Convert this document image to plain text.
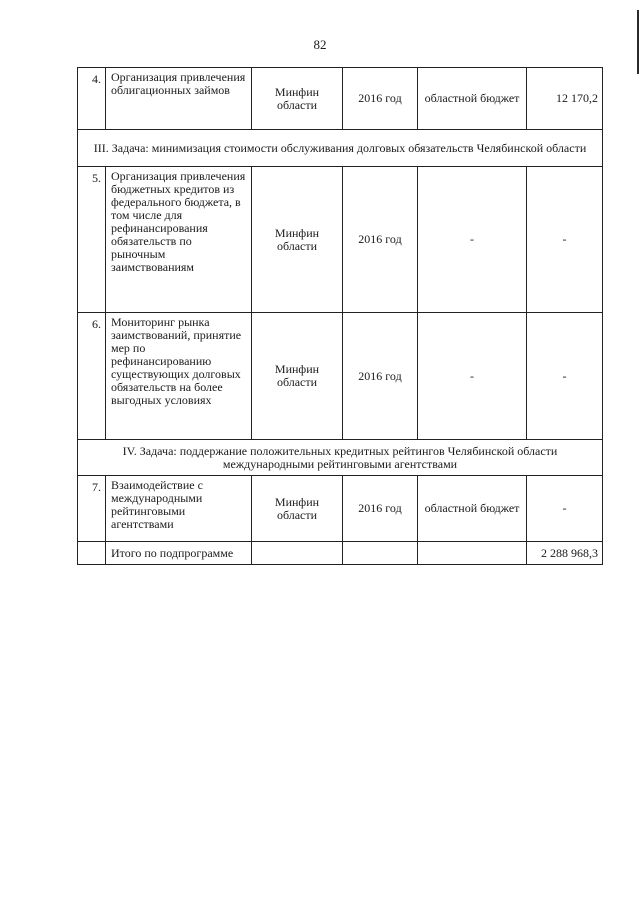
82
4.	Организация привлечения облигационных займов	Минфин области	2016 год	областной бюджет	12 170,2
III. Задача: минимизация стоимости обслуживания долговых обязательств Челябинской области					
5.	Организация привлечения бюджетных кредитов из федерального бюджета, в том числе для рефинансирования обязательств по рыночным заимствованиям	Минфин области	2016 год	-	-
6.	Мониторинг рынка заимствований, принятие мер по рефинансированию существующих долговых обязательств на более выгодных условиях	Минфин области	2016 год	-	-
IV. Задача: поддержание положительных кредитных рейтингов Челябинской области международными рейтинговыми агентствами					
7.	Взаимодействие с международными рейтинговыми агентствами	Минфин области	2016 год	областной бюджет	-
	Итого по подпрограмме				2 288 968,3
